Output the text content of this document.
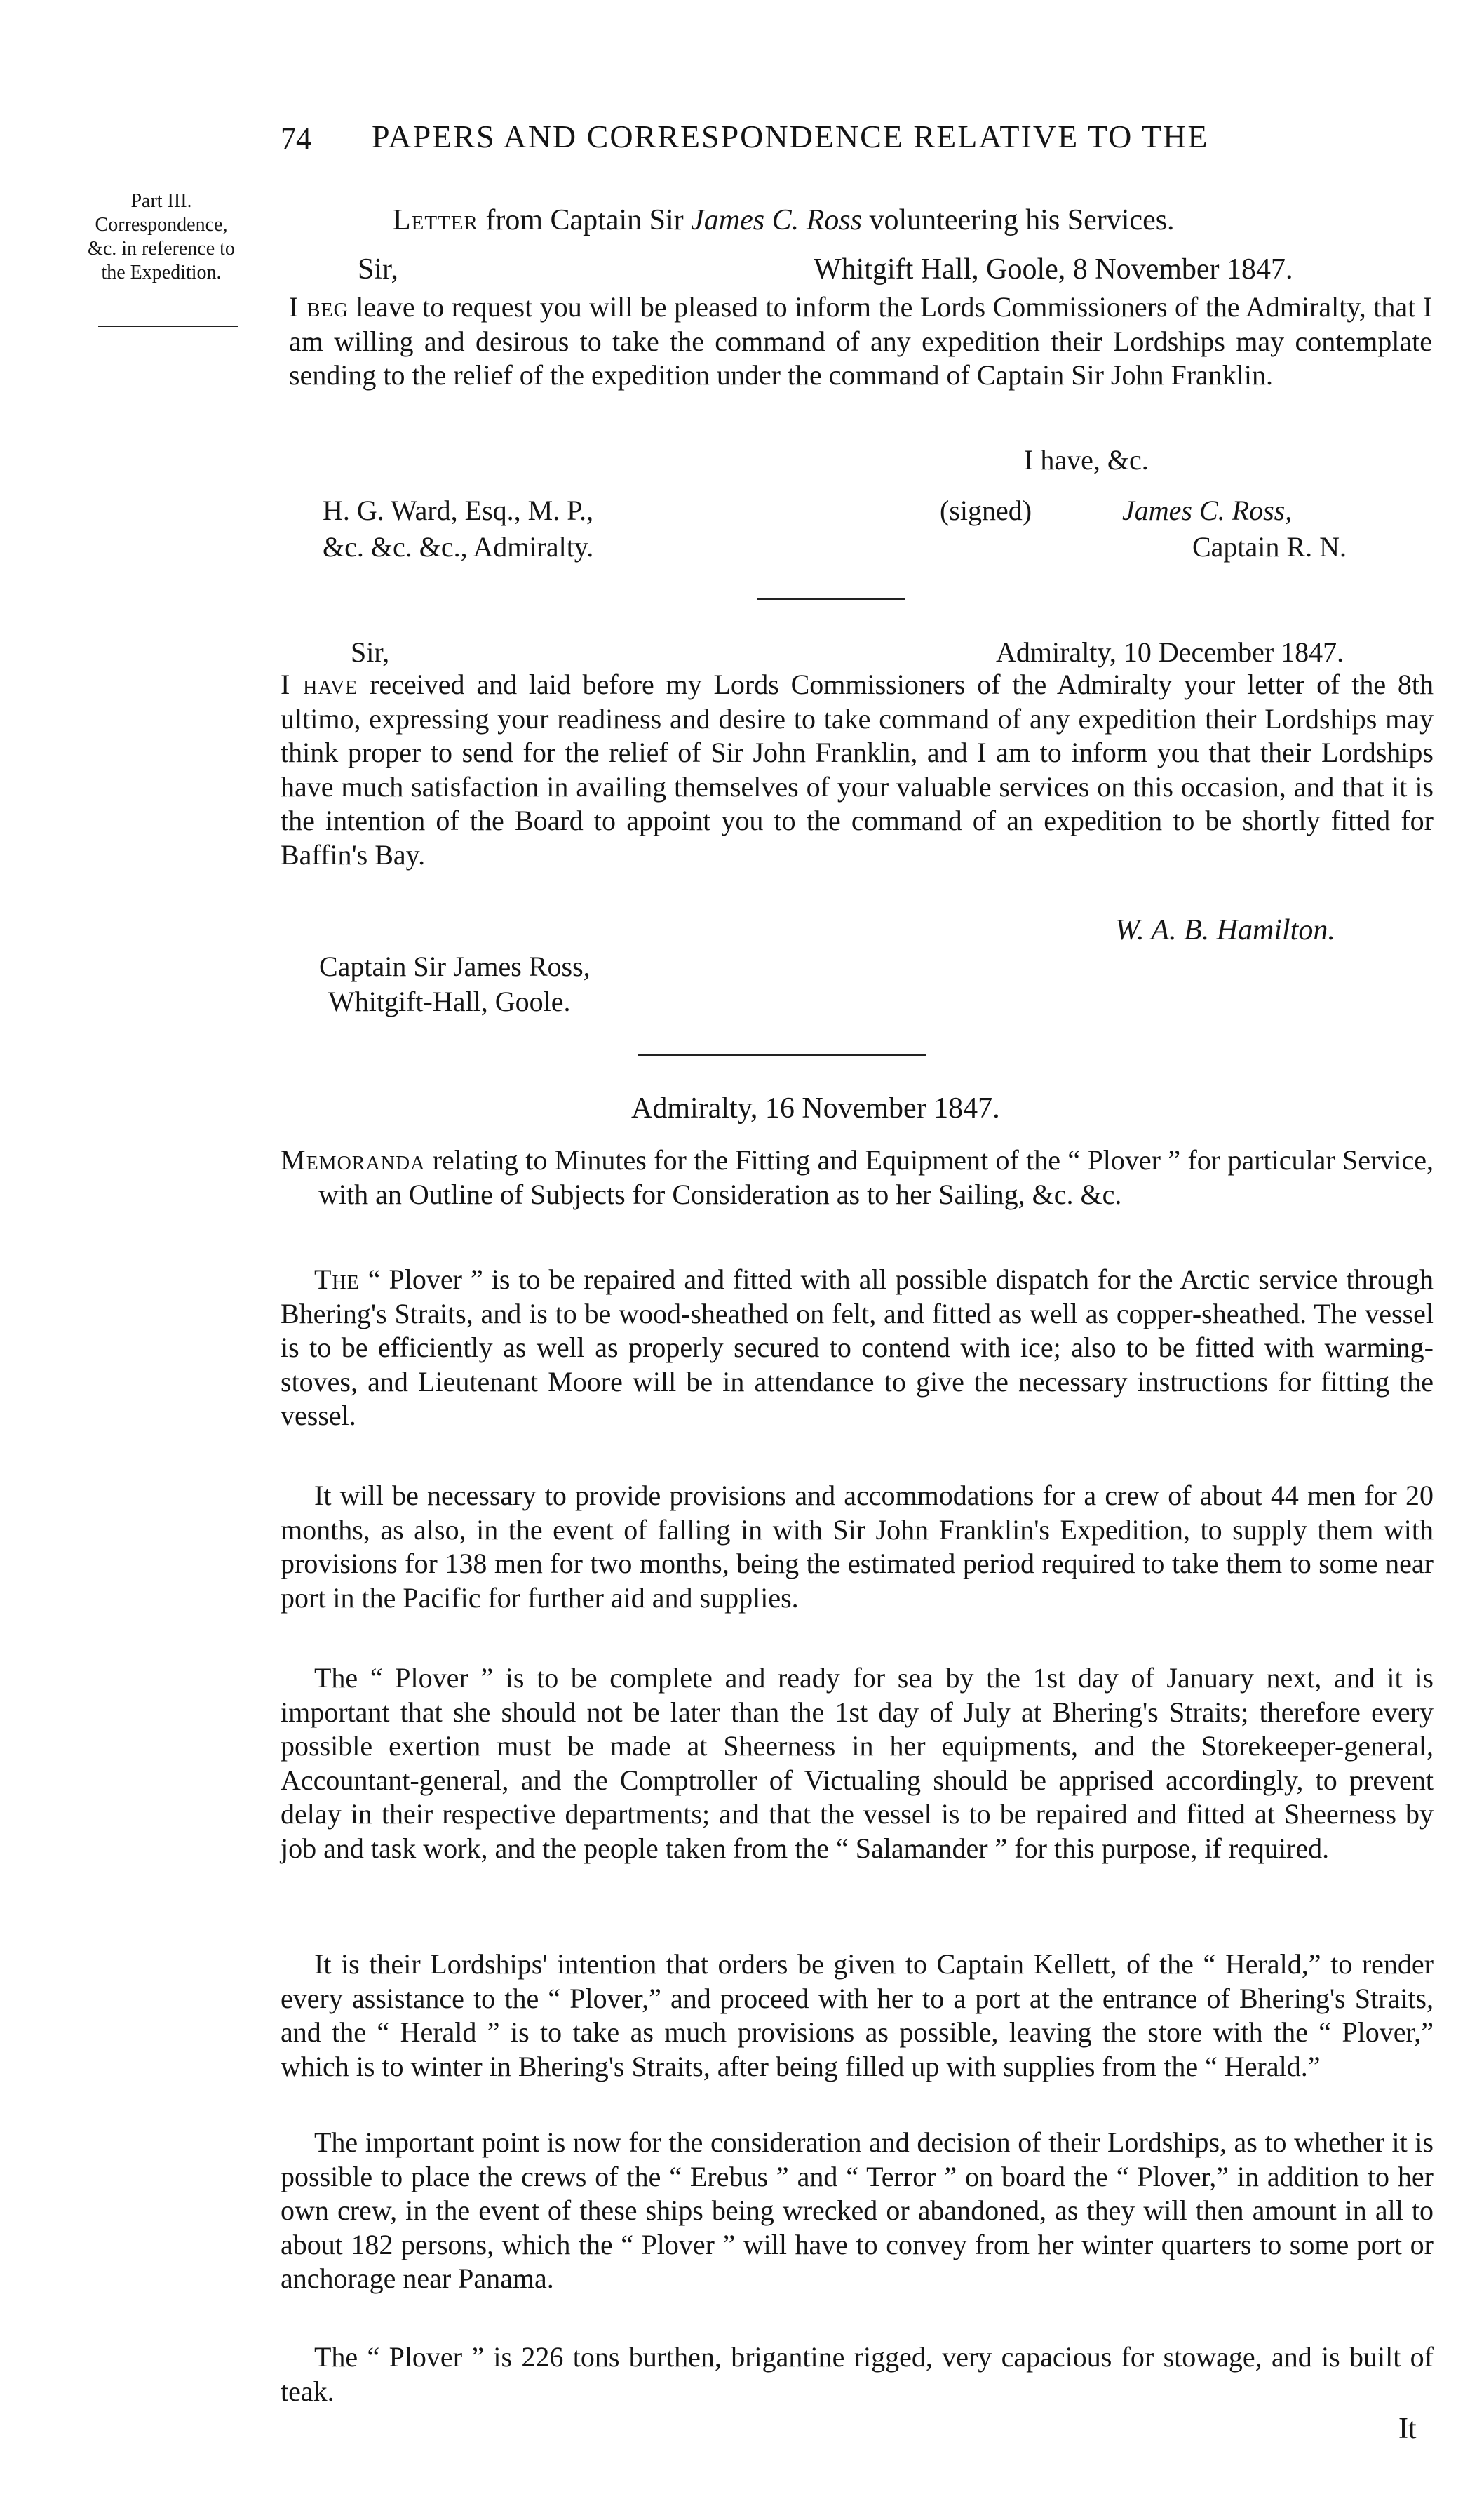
74 PAPERS AND CORRESPONDENCE RELATIVE TO THE
Part III.
Correspondence,
&c. in reference to
the Expedition.
Letter from Captain Sir James C. Ross volunteering his Services.
Sir,	Whitgift Hall, Goole, 8 November 1847.

I beg leave to request you will be pleased to inform the Lords Commissioners of the Admiralty, that I am willing and desirous to take the command of any expedition their Lordships may contemplate sending to the relief of the expedition under the command of Captain Sir John Franklin.

I have, &c.
H. G. Ward, Esq., M. P.,
&c. &c. &c., Admiralty.
(signed)	James C. Ross,
Captain R. N.
Sir,	Admiralty, 10 December 1847.

I have received and laid before my Lords Commissioners of the Admiralty your letter of the 8th ultimo, expressing your readiness and desire to take command of any expedition their Lordships may think proper to send for the relief of Sir John Franklin, and I am to inform you that their Lordships have much satisfaction in availing themselves of your valuable services on this occasion, and that it is the intention of the Board to appoint you to the command of an expedition to be shortly fitted for Baffin's Bay.

W. A. B. Hamilton.
Captain Sir James Ross,
Whitgift-Hall, Goole.
Admiralty, 16 November 1847.

Memoranda relating to Minutes for the Fitting and Equipment of the “ Plover ” for particular Service, with an Outline of Subjects for Consideration as to her Sailing, &c. &c.

The “ Plover ” is to be repaired and fitted with all possible dispatch for the Arctic service through Bhering's Straits, and is to be wood-sheathed on felt, and fitted as well as copper-sheathed. The vessel is to be efficiently as well as properly secured to contend with ice; also to be fitted with warming-stoves, and Lieutenant Moore will be in attendance to give the necessary instructions for fitting the vessel.

It will be necessary to provide provisions and accommodations for a crew of about 44 men for 20 months, as also, in the event of falling in with Sir John Franklin's Expedition, to supply them with provisions for 138 men for two months, being the estimated period required to take them to some near port in the Pacific for further aid and supplies.

The “ Plover ” is to be complete and ready for sea by the 1st day of January next, and it is important that she should not be later than the 1st day of July at Bhering's Straits; therefore every possible exertion must be made at Sheerness in her equipments, and the Storekeeper-general, Accountant-general, and the Comptroller of Victualing should be apprised accordingly, to prevent delay in their respective departments; and that the vessel is to be repaired and fitted at Sheerness by job and task work, and the people taken from the “ Salamander ” for this purpose, if required.

It is their Lordships' intention that orders be given to Captain Kellett, of the “ Herald,” to render every assistance to the “ Plover,” and proceed with her to a port at the entrance of Bhering's Straits, and the “ Herald ” is to take as much provisions as possible, leaving the store with the “ Plover,” which is to winter in Bhering's Straits, after being filled up with supplies from the “ Herald.”

The important point is now for the consideration and decision of their Lordships, as to whether it is possible to place the crews of the “ Erebus ” and “ Terror ” on board the “ Plover,” in addition to her own crew, in the event of these ships being wrecked or abandoned, as they will then amount in all to about 182 persons, which the “ Plover ” will have to convey from her winter quarters to some port or anchorage near Panama.

The “ Plover ” is 226 tons burthen, brigantine rigged, very capacious for stowage, and is built of teak.

It
